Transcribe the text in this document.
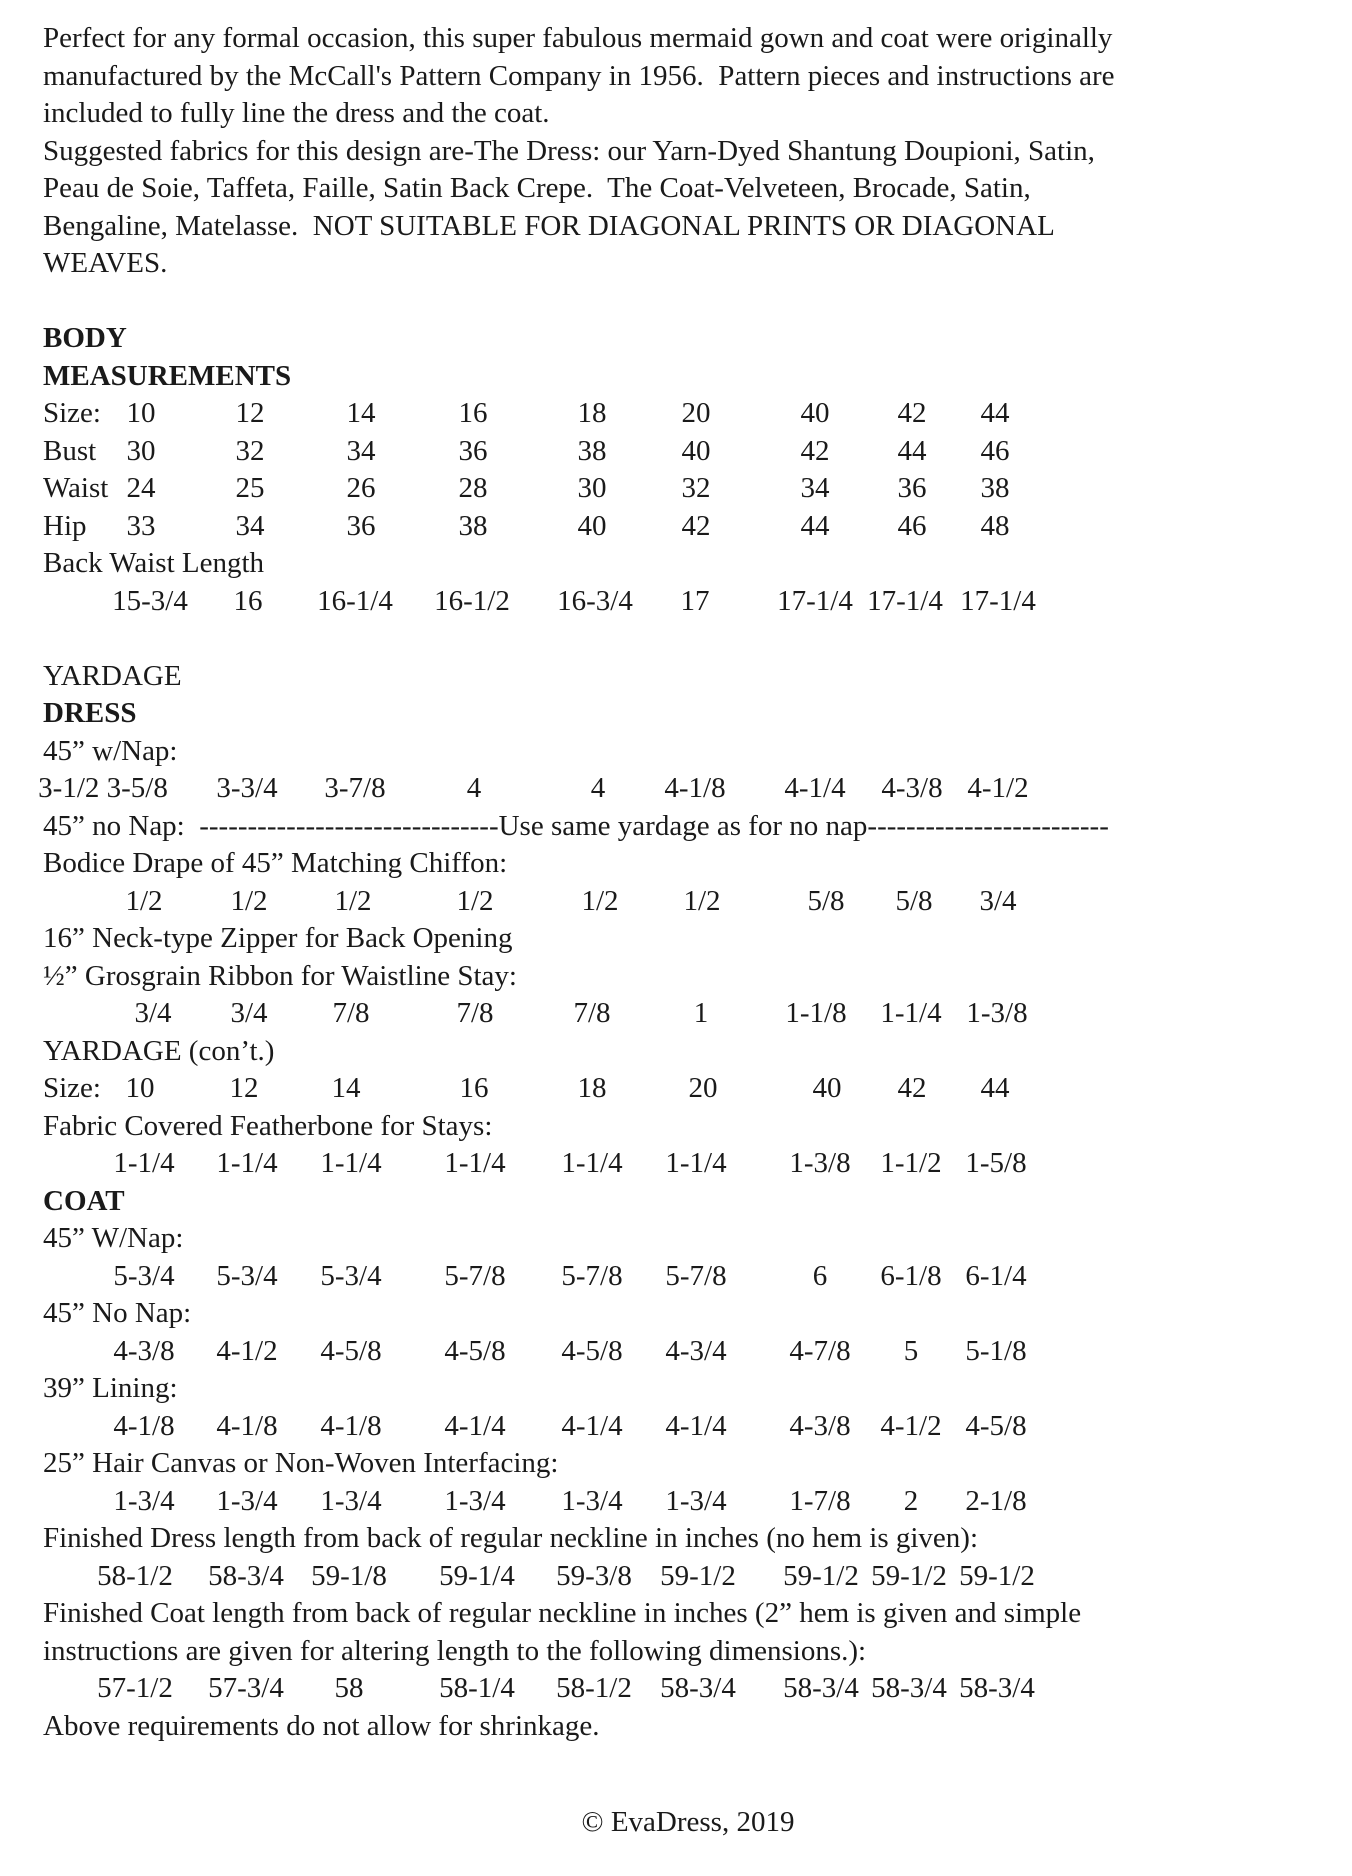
Perfect for any formal occasion, this super fabulous mermaid gown and coat were originally
manufactured by the McCall's Pattern Company in 1956.  Pattern pieces and instructions are
included to fully line the dress and the coat.
Suggested fabrics for this design are-The Dress: our Yarn-Dyed Shantung Doupioni, Satin,
Peau de Soie, Taffeta, Faille, Satin Back Crepe.  The Coat-Velveteen, Brocade, Satin,
Bengaline, Matelasse.  NOT SUITABLE FOR DIAGONAL PRINTS OR DIAGONAL
WEAVES.
BODY
MEASUREMENTS

Size:

10	12	14	16	18	20	40 42 44

Bust

30	32	34	36	38	40	42 44 46

Waist

24	25	26	28	30	32	34 36 38

Hip

33	34	36	38	40	42	44 46 48
Back Waist Length
15-3/4 16 16-1/4 16-1/2 16-3/4 17 17-1/4 17-1/4 17-1/4
YARDAGE
DRESS
45” w/Nap:
3-1/2 3-5/8 3-3/4 3-7/8	4	4 4-1/8 4-1/4 4-3/8 4-1/2
45” no Nap:  -------------------------------Use same yardage as for no nap-------------------------
Bodice Drape of 45” Matching Chiffon:
1/2 1/2 1/2	1/2	1/2 1/2	5/8 5/8 3/4
16” Neck-type Zipper for Back Opening
½” Grosgrain Ribbon for Waistline Stay:
3/4 3/4 7/8	7/8	7/8	1	1-1/8 1-1/4 1-3/8
YARDAGE (con’t.)

Size:

10	12	14	16	18	20	40 42 44
Fabric Covered Featherbone for Stays:
1-1/4 1-1/4 1-1/4 1-1/4 1-1/4 1-1/4 1-3/8 1-1/2 1-5/8
COAT
45” W/Nap:
5-3/4 5-3/4 5-3/4 5-7/8 5-7/8 5-7/8	6 6-1/8 6-1/4
45” No Nap:
4-3/8 4-1/2 4-5/8 4-5/8 4-5/8 4-3/4 4-7/8 5 5-1/8
39” Lining:
4-1/8 4-1/8 4-1/8 4-1/4 4-1/4 4-1/4 4-3/8 4-1/2 4-5/8
25” Hair Canvas or Non-Woven Interfacing:
1-3/4 1-3/4 1-3/4 1-3/4 1-3/4 1-3/4 1-7/8 2 2-1/8
Finished Dress length from back of regular neckline in inches (no hem is given):
58-1/2 58-3/4 59-1/8 59-1/4 59-3/8 59-1/2 59-1/2 59-1/2 59-1/2
Finished Coat length from back of regular neckline in inches (2” hem is given and simple
instructions are given for altering length to the following dimensions.):
57-1/2 57-3/4 58	58-1/4 58-1/2 58-3/4 58-3/4 58-3/4 58-3/4
Above requirements do not allow for shrinkage.
© EvaDress, 2019
